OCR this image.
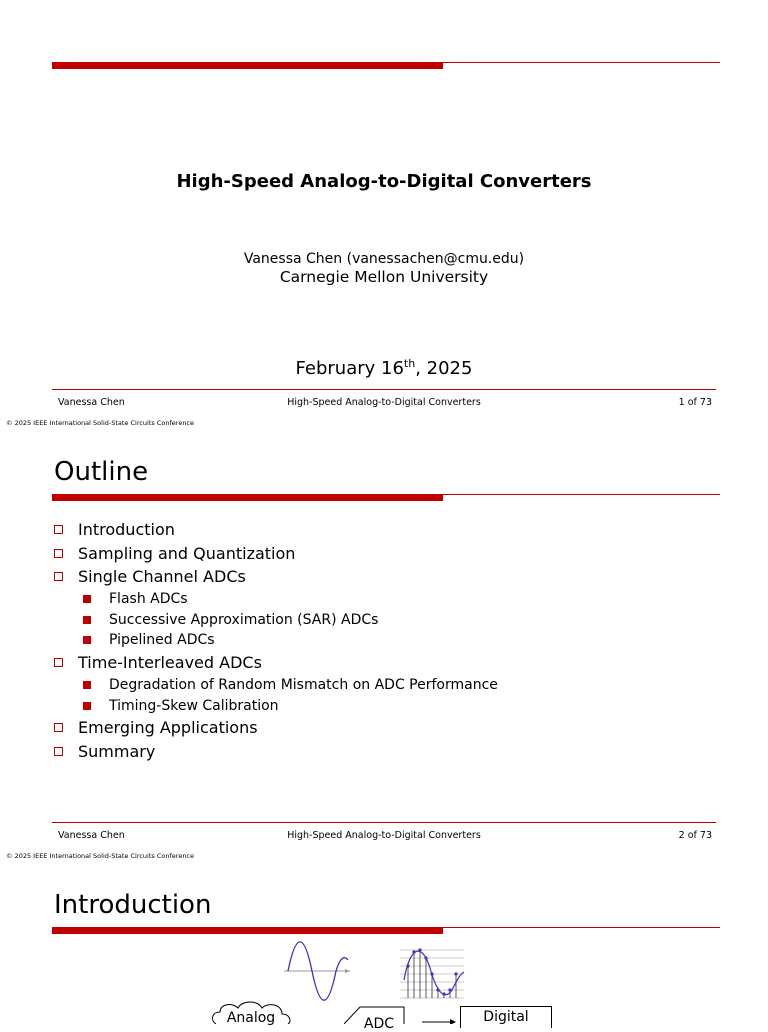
High-Speed Analog-to-Digital Converters
Vanessa Chen (vanessachen@cmu.edu)
Carnegie Mellon University
February 16th, 2025
Vanessa Chen	High-Speed Analog-to-Digital Converters	1 of 73
© 2025 IEEE International Solid-State Circuits Conference
Outline
Introduction
Sampling and Quantization
Single Channel ADCs
Flash ADCs
Successive Approximation (SAR) ADCs
Pipelined ADCs
Time-Interleaved ADCs
Degradation of Random Mismatch on ADC Performance
Timing-Skew Calibration
Emerging Applications
Summary
Vanessa Chen	High-Speed Analog-to-Digital Converters	2 of 73
© 2025 IEEE International Solid-State Circuits Conference
Introduction
Analog	ADC	Digital
